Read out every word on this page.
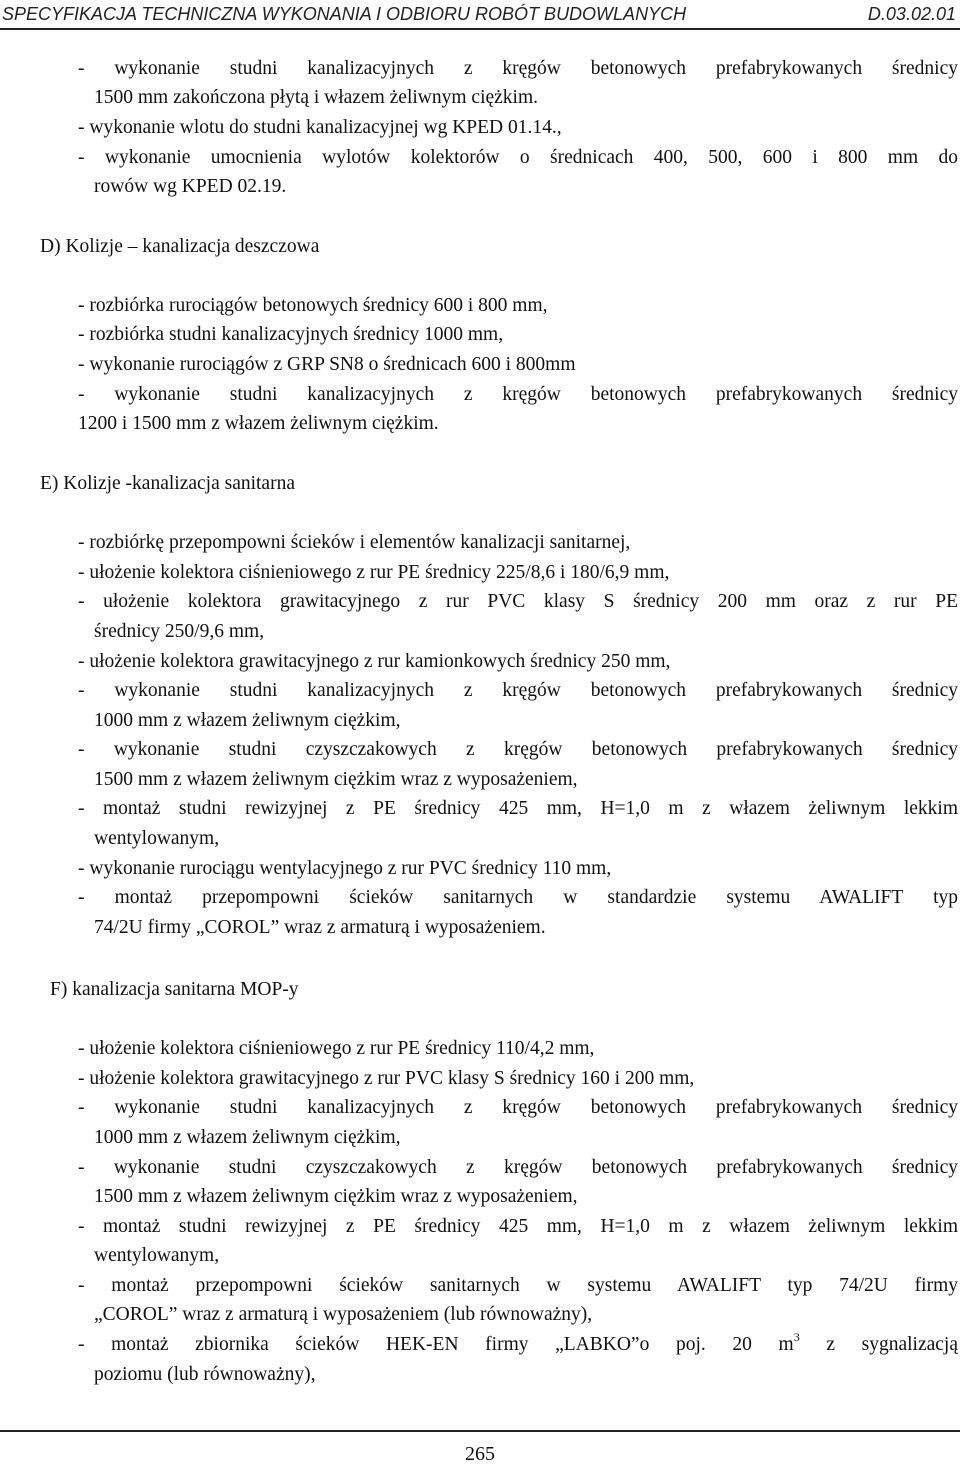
SPECYFIKACJA TECHNICZNA WYKONANIA I ODBIORU ROBÓT BUDOWLANYCH	D.03.02.01
- wykonanie studni kanalizacyjnych z kręgów betonowych prefabrykowanych średnicy
1500 mm zakończona płytą i włazem żeliwnym ciężkim.
- wykonanie wlotu do studni kanalizacyjnej wg KPED 01.14.,
- wykonanie umocnienia wylotów kolektorów o średnicach 400, 500, 600 i 800 mm do
rowów wg KPED 02.19.
D) Kolizje – kanalizacja deszczowa
- rozbiórka rurociągów betonowych średnicy 600 i 800 mm,
- rozbiórka studni kanalizacyjnych średnicy 1000 mm,
- wykonanie rurociągów z GRP SN8 o średnicach 600 i 800mm
- wykonanie studni kanalizacyjnych z kręgów betonowych prefabrykowanych średnicy
1200 i 1500 mm z włazem żeliwnym ciężkim.
E) Kolizje -kanalizacja sanitarna
- rozbiórkę przepompowni ścieków i elementów kanalizacji sanitarnej,
- ułożenie kolektora ciśnieniowego z rur PE średnicy 225/8,6 i 180/6,9 mm,
- ułożenie kolektora grawitacyjnego z rur PVC klasy S średnicy 200 mm oraz z rur PE
średnicy 250/9,6 mm,
- ułożenie kolektora grawitacyjnego z rur kamionkowych średnicy 250 mm,
- wykonanie studni kanalizacyjnych z kręgów betonowych prefabrykowanych średnicy
1000 mm z włazem żeliwnym ciężkim,
- wykonanie studni czyszczakowych z kręgów betonowych prefabrykowanych średnicy
1500 mm z włazem żeliwnym ciężkim wraz z wyposażeniem,
- montaż studni rewizyjnej z PE średnicy 425 mm, H=1,0 m z włazem żeliwnym lekkim
wentylowanym,
- wykonanie rurociągu wentylacyjnego z rur PVC średnicy 110 mm,
- montaż przepompowni ścieków sanitarnych w standardzie systemu AWALIFT typ
74/2U firmy „COROL” wraz z armaturą i wyposażeniem.
F) kanalizacja sanitarna MOP-y
- ułożenie kolektora ciśnieniowego z rur PE średnicy 110/4,2 mm,
- ułożenie kolektora grawitacyjnego z rur PVC klasy S średnicy 160 i 200 mm,
- wykonanie studni kanalizacyjnych z kręgów betonowych prefabrykowanych średnicy
1000 mm z włazem żeliwnym ciężkim,
- wykonanie studni czyszczakowych z kręgów betonowych prefabrykowanych średnicy
1500 mm z włazem żeliwnym ciężkim wraz z wyposażeniem,
- montaż studni rewizyjnej z PE średnicy 425 mm, H=1,0 m z włazem żeliwnym lekkim
wentylowanym,
- montaż przepompowni ścieków sanitarnych w systemu AWALIFT typ 74/2U firmy
„COROL” wraz z armaturą i wyposażeniem (lub równoważny),
- montaż zbiornika ścieków HEK-EN firmy „LABKO”o poj. 20 $m^3$ z sygnalizacją
poziomu (lub równoważny),
265
